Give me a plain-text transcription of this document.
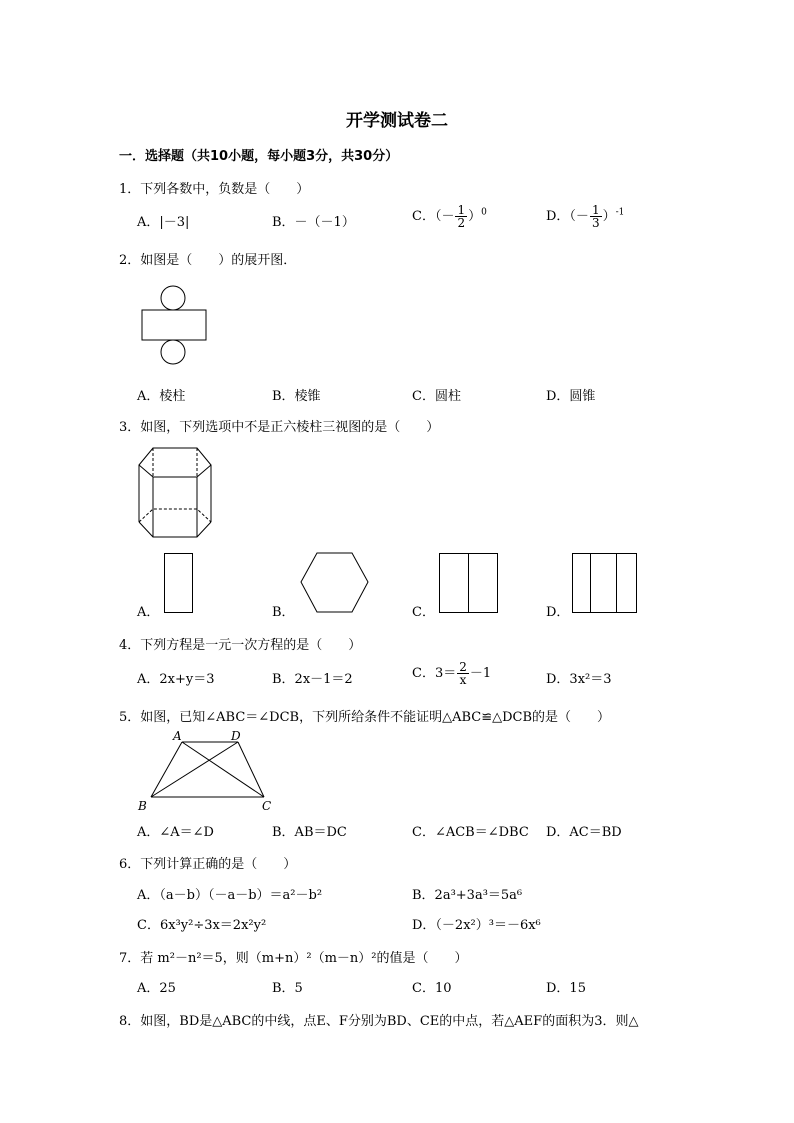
开学测试卷二
一．选择题（共10小题，每小题3分，共30分）
1．下列各数中，负数是（　　）
A．|－3|	B．－（－1）	C．（－ $\frac{1}{2} )^0$	D．（－ $\frac{1}{3} )^{-1}$
2．如图是（　　）的展开图．
A．棱柱	B．棱锥	C．圆柱	D．圆锥
3．如图，下列选项中不是正六棱柱三视图的是（　　）
A．	B．	C．	D．
4．下列方程是一元一次方程的是（　　）
A．2x+y＝3	B．2x－1＝2	C．$3= \frac{2}{x} -1$	D．3x²＝3
5．如图，已知∠ABC＝∠DCB，下列所给条件不能证明△ABC≌△DCB的是（　　）
A	D
B	C
A．∠A＝∠D	B．AB＝DC	C．∠ACB＝∠DBC D．AC＝BD
6．下列计算正确的是（　　）
A．（a－b）（－a－b）＝a²－b²	B．2a³+3a³＝5a⁶
C．6x³y²÷3x＝2x²y²	D．（－2x²）³＝－6x⁶
7．若 m²－n²＝5，则（m+n）²（m－n）²的值是（　　）
A．25	B．5	C．10	D．15
8．如图，BD是△ABC的中线，点E、F分别为BD、CE的中点，若△AEF的面积为3．则△
